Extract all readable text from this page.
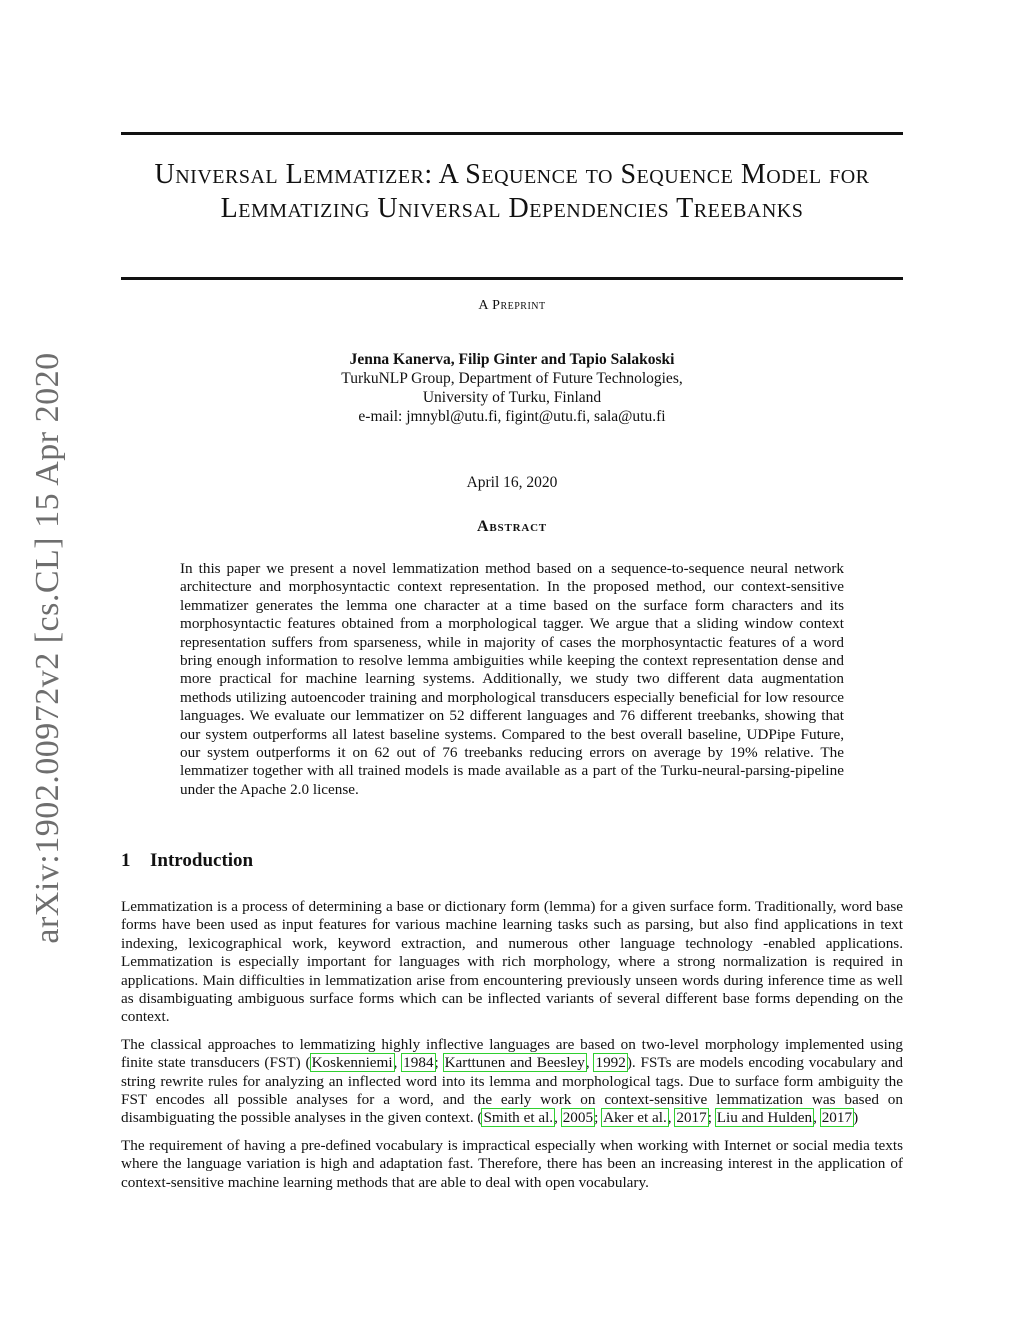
arXiv:1902.00972v2 [cs.CL] 15 Apr 2020
Universal Lemmatizer: A Sequence to Sequence Model for Lemmatizing Universal Dependencies Treebanks
A Preprint
Jenna Kanerva, Filip Ginter and Tapio Salakoski
TurkuNLP Group, Department of Future Technologies,
University of Turku, Finland
e-mail: jmnybl@utu.fi, figint@utu.fi, sala@utu.fi
April 16, 2020
Abstract
In this paper we present a novel lemmatization method based on a sequence-to-sequence neural network architecture and morphosyntactic context representation. In the proposed method, our context-sensitive lemmatizer generates the lemma one character at a time based on the surface form characters and its morphosyntactic features obtained from a morphological tagger. We argue that a sliding window context representation suffers from sparseness, while in majority of cases the morphosyntactic features of a word bring enough information to resolve lemma ambiguities while keeping the context representation dense and more practical for machine learning systems. Additionally, we study two different data augmentation methods utilizing autoencoder training and morphological transducers especially beneficial for low resource languages. We evaluate our lemmatizer on 52 different languages and 76 different treebanks, showing that our system outperforms all latest baseline systems. Compared to the best overall baseline, UDPipe Future, our system outperforms it on 62 out of 76 treebanks reducing errors on average by 19% relative. The lemmatizer together with all trained models is made available as a part of the Turku-neural-parsing-pipeline under the Apache 2.0 license.
1 Introduction

Lemmatization is a process of determining a base or dictionary form (lemma) for a given surface form. Traditionally, word base forms have been used as input features for various machine learning tasks such as parsing, but also find applications in text indexing, lexicographical work, keyword extraction, and numerous other language technology -enabled applications. Lemmatization is especially important for languages with rich morphology, where a strong normalization is required in applications. Main difficulties in lemmatization arise from encountering previously unseen words during inference time as well as disambiguating ambiguous surface forms which can be inflected variants of several different base forms depending on the context.

The classical approaches to lemmatizing highly inflective languages are based on two-level morphology implemented using finite state transducers (FST) (Koskenniemi, 1984; Karttunen and Beesley, 1992). FSTs are models encoding vocabulary and string rewrite rules for analyzing an inflected word into its lemma and morphological tags. Due to surface form ambiguity the FST encodes all possible analyses for a word, and the early work on context-sensitive lemmatization was based on disambiguating the possible analyses in the given context. (Smith et al., 2005; Aker et al., 2017; Liu and Hulden, 2017)

The requirement of having a pre-defined vocabulary is impractical especially when working with Internet or social media texts where the language variation is high and adaptation fast. Therefore, there has been an increasing interest in the application of context-sensitive machine learning methods that are able to deal with open vocabulary.
